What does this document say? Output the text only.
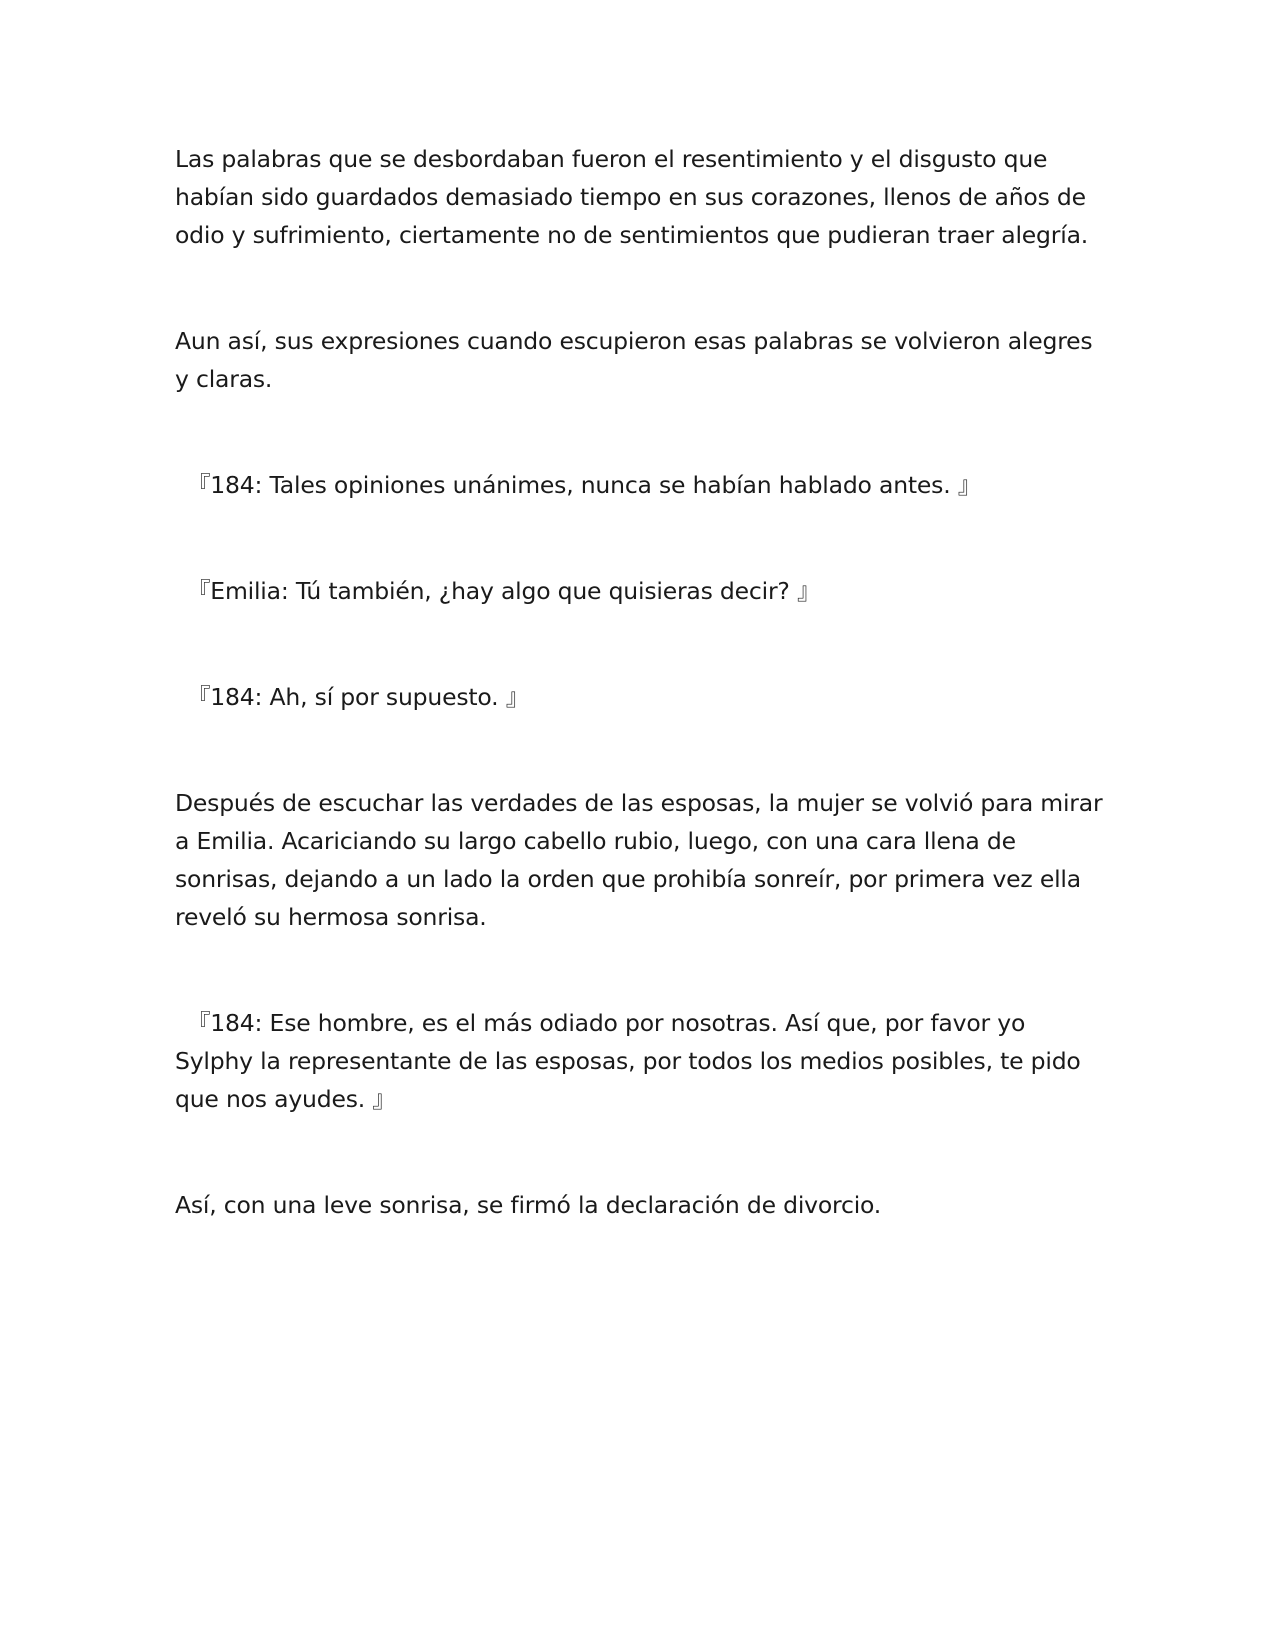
Las palabras que se desbordaban fueron el resentimiento y el disgusto que habían sido guardados demasiado tiempo en sus corazones, llenos de años de odio y sufrimiento, ciertamente no de sentimientos que pudieran traer alegría.

Aun así, sus expresiones cuando escupieron esas palabras se volvieron alegres y claras.

『184: Tales opiniones unánimes, nunca se habían hablado antes. 』

『Emilia: Tú también, ¿hay algo que quisieras decir? 』

『184: Ah, sí por supuesto. 』

Después de escuchar las verdades de las esposas, la mujer se volvió para mirar a Emilia. Acariciando su largo cabello rubio, luego, con una cara llena de sonrisas, dejando a un lado la orden que prohibía sonreír, por primera vez ella reveló su hermosa sonrisa.

『184: Ese hombre, es el más odiado por nosotras. Así que, por favor yo Sylphy la representante de las esposas, por todos los medios posibles, te pido que nos ayudes. 』

Así, con una leve sonrisa, se firmó la declaración de divorcio.
